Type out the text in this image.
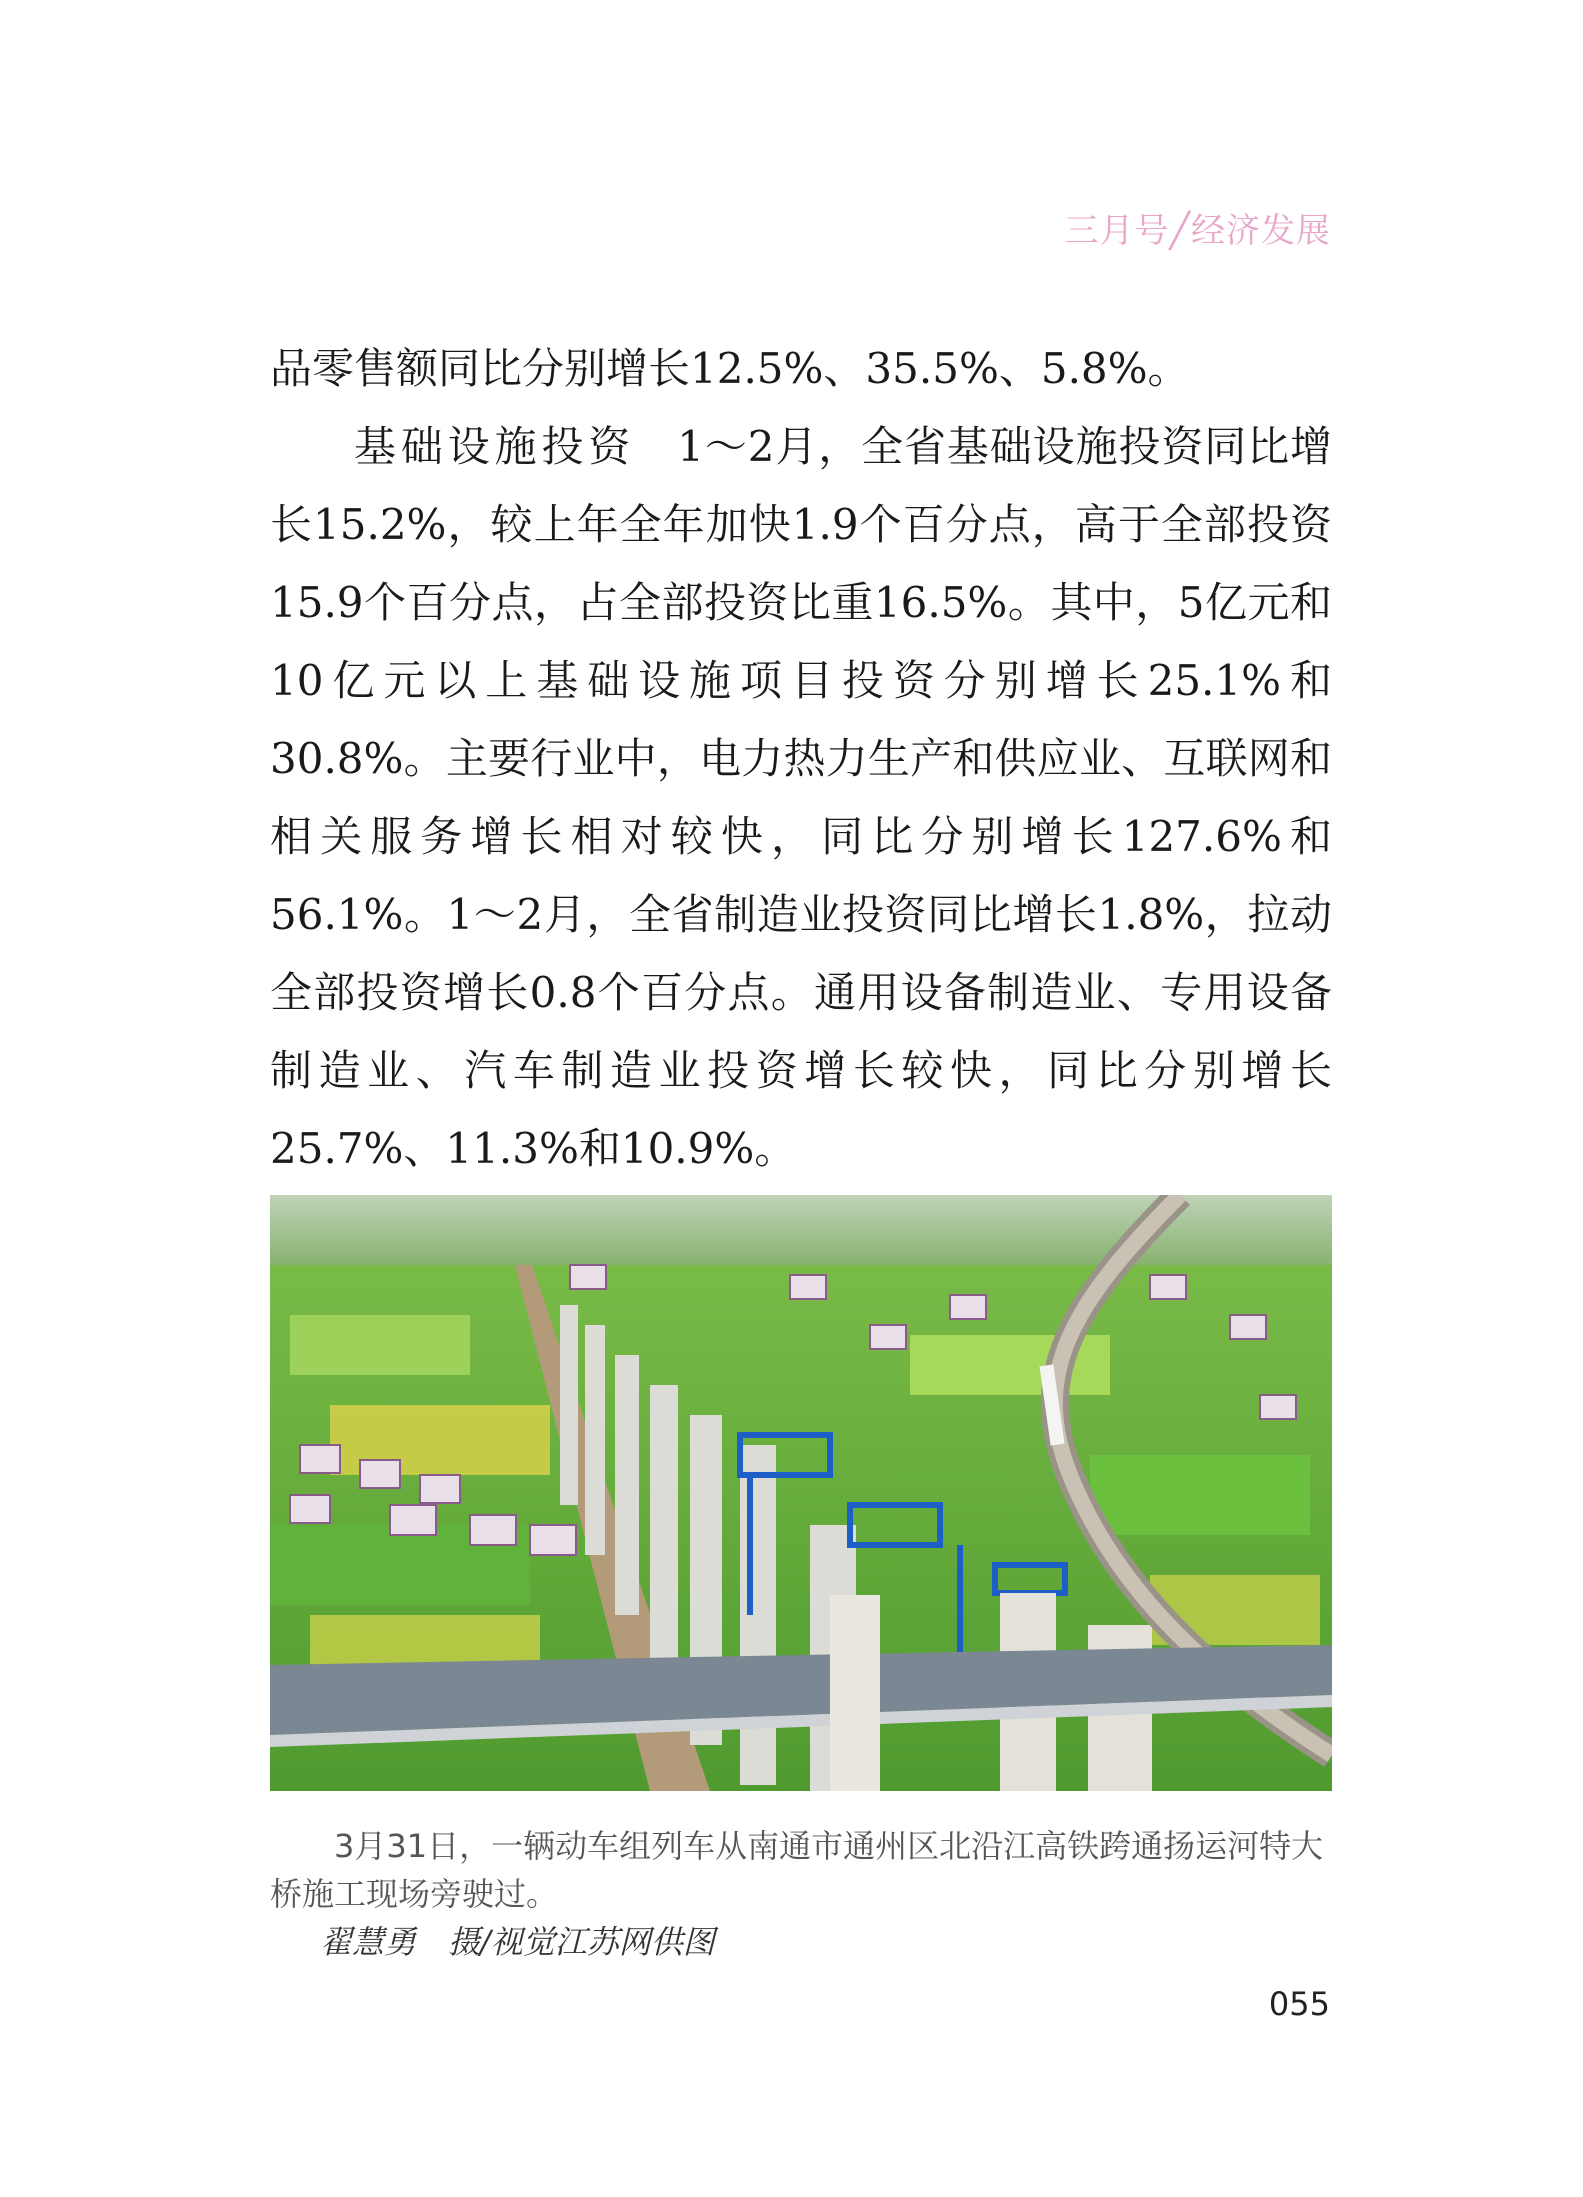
三月号╱经济发展

品零售额同比分别增长12.5%、35.5%、5.8%。

基础设施投资 1～2月，全省基础设施投资同比增长15.2%，较上年全年加快1.9个百分点，高于全部投资15.9个百分点，占全部投资比重16.5%。其中，5亿元和10亿元以上基础设施项目投资分别增长25.1%和30.8%。主要行业中，电力热力生产和供应业、互联网和相关服务增长相对较快，同比分别增长127.6%和56.1%。1～2月，全省制造业投资同比增长1.8%，拉动全部投资增长0.8个百分点。通用设备制造业、专用设备制造业、汽车制造业投资增长较快，同比分别增长25.7%、11.3%和10.9%。

3月31日，一辆动车组列车从南通市通州区北沿江高铁跨通扬运河特大桥施工现场旁驶过。
翟慧勇　摄/视觉江苏网供图
055
